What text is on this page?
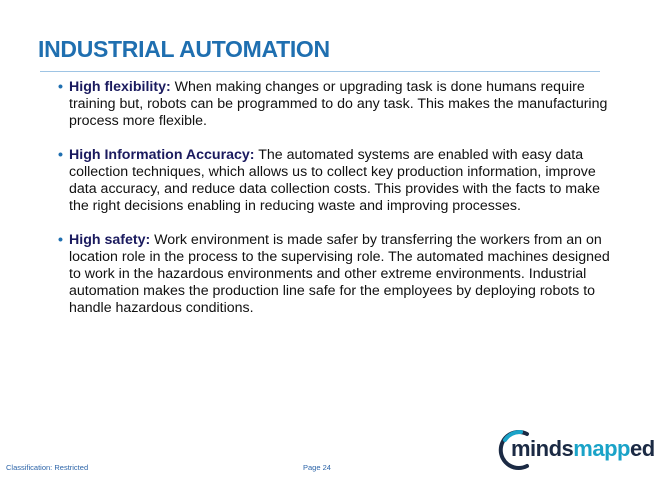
INDUSTRIAL AUTOMATION
• High flexibility: When making changes or upgrading task is done humans require training but, robots can be programmed to do any task. This makes the manufacturing process more flexible.
• High Information Accuracy: The automated systems are enabled with easy data collection techniques, which allows us to collect key production information, improve data accuracy, and reduce data collection costs. This provides with the facts to make the right decisions enabling in reducing waste and improving processes.
• High safety: Work environment is made safer by transferring the workers from an on location role in the process to the supervising role. The automated machines designed to work in the hazardous environments and other extreme environments. Industrial automation makes the production line safe for the employees by deploying robots to handle hazardous conditions.
Classification: Restricted	Page 24
mindsmapped
